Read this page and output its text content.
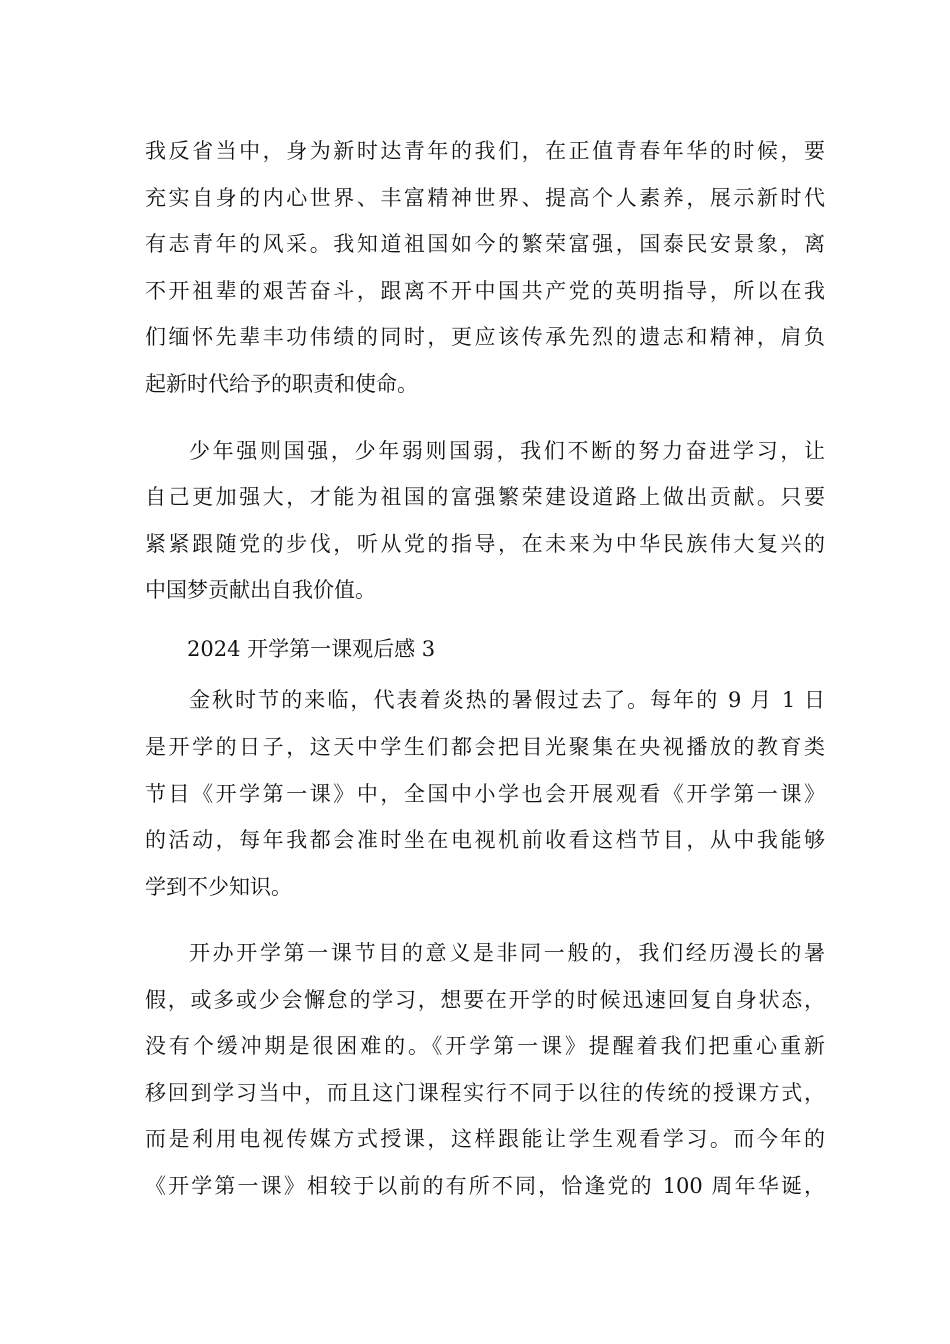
我反省当中，身为新时达青年的我们，在正值青春年华的时候，要
充实自身的内心世界、丰富精神世界、提高个人素养，展示新时代
有志青年的风采。我知道祖国如今的繁荣富强，国泰民安景象，离
不开祖辈的艰苦奋斗，跟离不开中国共产党的英明指导，所以在我
们缅怀先辈丰功伟绩的同时，更应该传承先烈的遗志和精神，肩负
起新时代给予的职责和使命。
少年强则国强，少年弱则国弱，我们不断的努力奋进学习，让
自己更加强大，才能为祖国的富强繁荣建设道路上做出贡献。只要
紧紧跟随党的步伐，听从党的指导，在未来为中华民族伟大复兴的
中国梦贡献出自我价值。
2024 开学第一课观后感 3
金秋时节的来临，代表着炎热的暑假过去了。每年的 9 月 1 日
是开学的日子，这天中学生们都会把目光聚集在央视播放的教育类
节目《开学第一课》中，全国中小学也会开展观看《开学第一课》
的活动，每年我都会准时坐在电视机前收看这档节目，从中我能够
学到不少知识。
开办开学第一课节目的意义是非同一般的，我们经历漫长的暑
假，或多或少会懈怠的学习，想要在开学的时候迅速回复自身状态，
没有个缓冲期是很困难的。《开学第一课》提醒着我们把重心重新
移回到学习当中，而且这门课程实行不同于以往的传统的授课方式，
而是利用电视传媒方式授课，这样跟能让学生观看学习。而今年的
《开学第一课》相较于以前的有所不同，恰逢党的 100 周年华诞，
